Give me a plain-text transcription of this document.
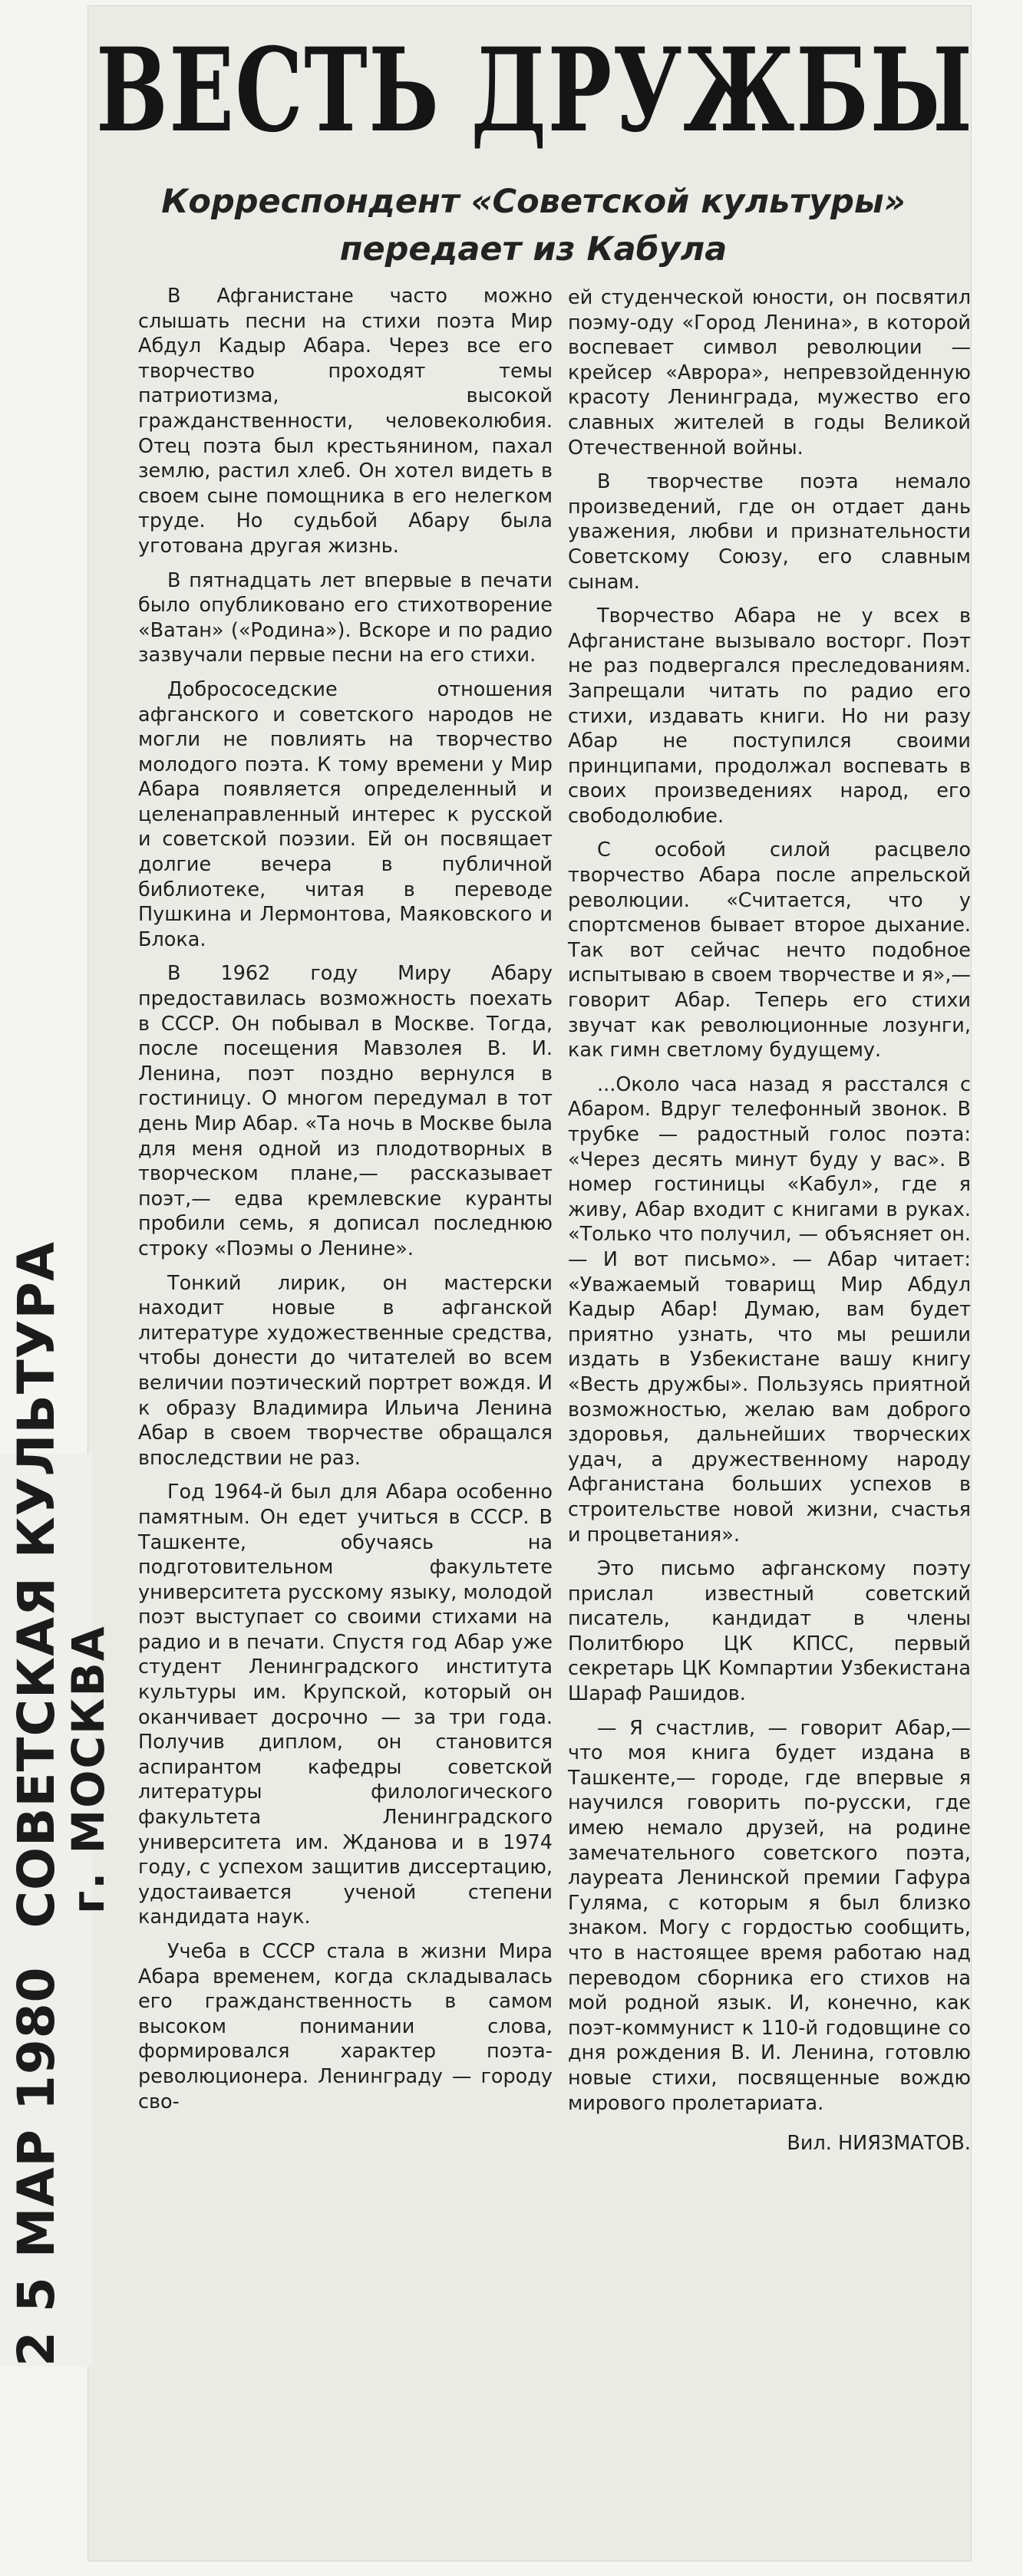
ВЕСТЬ ДРУЖБЫ
Корреспондент «Советской культуры»
передает из Кабула

В Афганистане часто можно слышать песни на стихи поэта Мир Абдул Кадыр Абара. Через все его творчество проходят темы патриотизма, высокой гражданственности, человеколюбия. Отец поэта был крестьянином, пахал землю, растил хлеб. Он хотел видеть в своем сыне помощника в его нелегком труде. Но судьбой Абару была уготована другая жизнь.

В пятнадцать лет впервые в печати было опубликовано его стихотворение «Ватан» («Родина»). Вскоре и по радио зазвучали первые песни на его стихи.

Добрососедские отношения афганского и советского народов не могли не повлиять на творчество молодого поэта. К тому времени у Мир Абара появляется определенный и целенаправленный интерес к русской и советской поэзии. Ей он посвящает долгие вечера в публичной библиотеке, читая в переводе Пушкина и Лермонтова, Маяковского и Блока.

В 1962 году Миру Абару предоставилась возможность поехать в СССР. Он побывал в Москве. Тогда, после посещения Мавзолея В. И. Ленина, поэт поздно вернулся в гостиницу. О многом передумал в тот день Мир Абар. «Та ночь в Москве была для меня одной из плодотворных в творческом плане,— рассказывает поэт,— едва кремлевские куранты пробили семь, я дописал последнюю строку «Поэмы о Ленине».

Тонкий лирик, он мастерски находит новые в афганской литературе художественные средства, чтобы донести до читателей во всем величии поэтический портрет вождя. И к образу Владимира Ильича Ленина Абар в своем творчестве обращался впоследствии не раз.

Год 1964-й был для Абара особенно памятным. Он едет учиться в СССР. В Ташкенте, обучаясь на подготовительном факультете университета русскому языку, молодой поэт выступает со своими стихами на радио и в печати. Спустя год Абар уже студент Ленинградского института культуры им. Крупской, который он оканчивает досрочно — за три года. Получив диплом, он становится аспирантом кафедры советской литературы филологического факультета Ленинградского университета им. Жданова и в 1974 году, с успехом защитив диссертацию, удостаивается ученой степени кандидата наук.

Учеба в СССР стала в жизни Мира Абара временем, когда складывалась его гражданственность в самом высоком понимании слова, формировался характер поэта-революционера. Ленинграду — городу сво-

ей студенческой юности, он посвятил поэму-оду «Город Ленина», в которой воспевает символ революции — крейсер «Аврора», непревзойденную красоту Ленинграда, мужество его славных жителей в годы Великой Отечественной войны.

В творчестве поэта немало произведений, где он отдает дань уважения, любви и признательности Советскому Союзу, его славным сынам.

Творчество Абара не у всех в Афганистане вызывало восторг. Поэт не раз подвергался преследованиям. Запрещали читать по радио его стихи, издавать книги. Но ни разу Абар не поступился своими принципами, продолжал воспевать в своих произведениях народ, его свободолюбие.

С особой силой расцвело творчество Абара после апрельской революции. «Считается, что у спортсменов бывает второе дыхание. Так вот сейчас нечто подобное испытываю в своем творчестве и я»,— говорит Абар. Теперь его стихи звучат как революционные лозунги, как гимн светлому будущему.

...Около часа назад я расстался с Абаром. Вдруг телефонный звонок. В трубке — радостный голос поэта: «Через десять минут буду у вас». В номер гостиницы «Кабул», где я живу, Абар входит с книгами в руках. «Только что получил, — объясняет он. — И вот письмо». — Абар читает: «Уважаемый товарищ Мир Абдул Кадыр Абар! Думаю, вам будет приятно узнать, что мы решили издать в Узбекистане вашу книгу «Весть дружбы». Пользуясь приятной возможностью, желаю вам доброго здоровья, дальнейших творческих удач, а дружественному народу Афганистана больших успехов в строительстве новой жизни, счастья и процветания».

Это письмо афганскому поэту прислал известный советский писатель, кандидат в члены Политбюро ЦК КПСС, первый секретарь ЦК Компартии Узбекистана Шараф Рашидов.

— Я счастлив, — говорит Абар,— что моя книга будет издана в Ташкенте,— городе, где впервые я научился говорить по-русски, где имею немало друзей, на родине замечательного советского поэта, лауреата Ленинской премии Гафура Гуляма, с которым я был близко знаком. Могу с гордостью сообщить, что в настоящее время работаю над переводом сборника его стихов на мой родной язык. И, конечно, как поэт-коммунист к 110-й годовщине со дня рождения В. И. Ленина, готовлю новые стихи, посвященные вождю мирового пролетариата.

Вил. НИЯЗМАТОВ.

2 5 МАР 1980СОВЕТСКАЯ КУЛЬТУРА
г. МОСКВА
